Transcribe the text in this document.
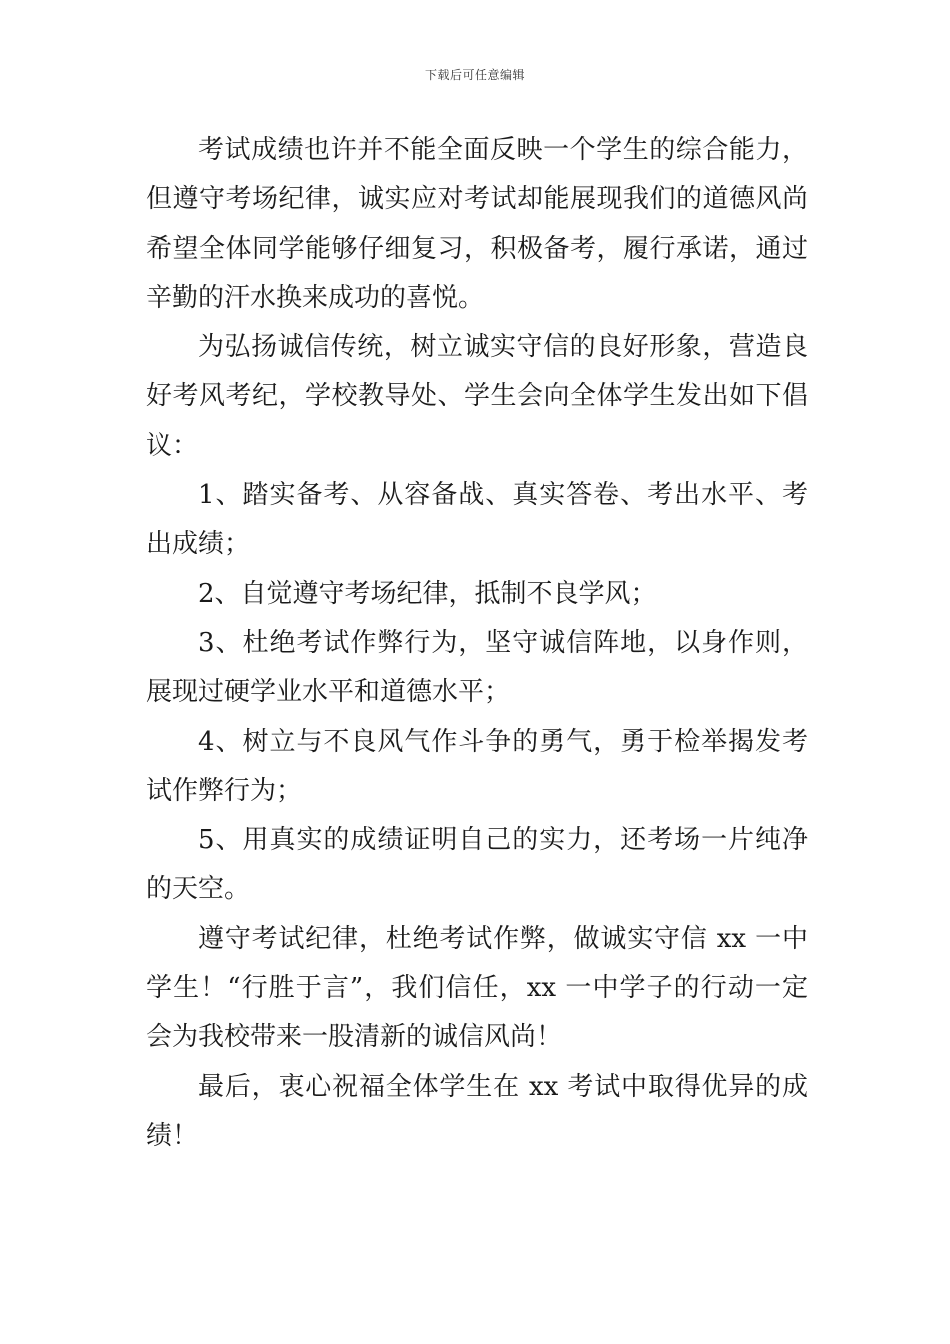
下载后可任意编辑

考试成绩也许并不能全面反映一个学生的综合能力，但遵守考场纪律，诚实应对考试却能展现我们的道德风尚希望全体同学能够仔细复习，积极备考，履行承诺，通过辛勤的汗水换来成功的喜悦。

为弘扬诚信传统，树立诚实守信的良好形象，营造良好考风考纪，学校教导处、学生会向全体学生发出如下倡议：

1、踏实备考、从容备战、真实答卷、考出水平、考出成绩；

2、自觉遵守考场纪律，抵制不良学风；

3、杜绝考试作弊行为，坚守诚信阵地，以身作则，展现过硬学业水平和道德水平；

4、树立与不良风气作斗争的勇气，勇于检举揭发考试作弊行为；

5、用真实的成绩证明自己的实力，还考场一片纯净的天空。

遵守考试纪律，杜绝考试作弊，做诚实守信 xx 一中学生！“行胜于言”，我们信任，xx 一中学子的行动一定会为我校带来一股清新的诚信风尚！

最后，衷心祝福全体学生在 xx 考试中取得优异的成绩！
